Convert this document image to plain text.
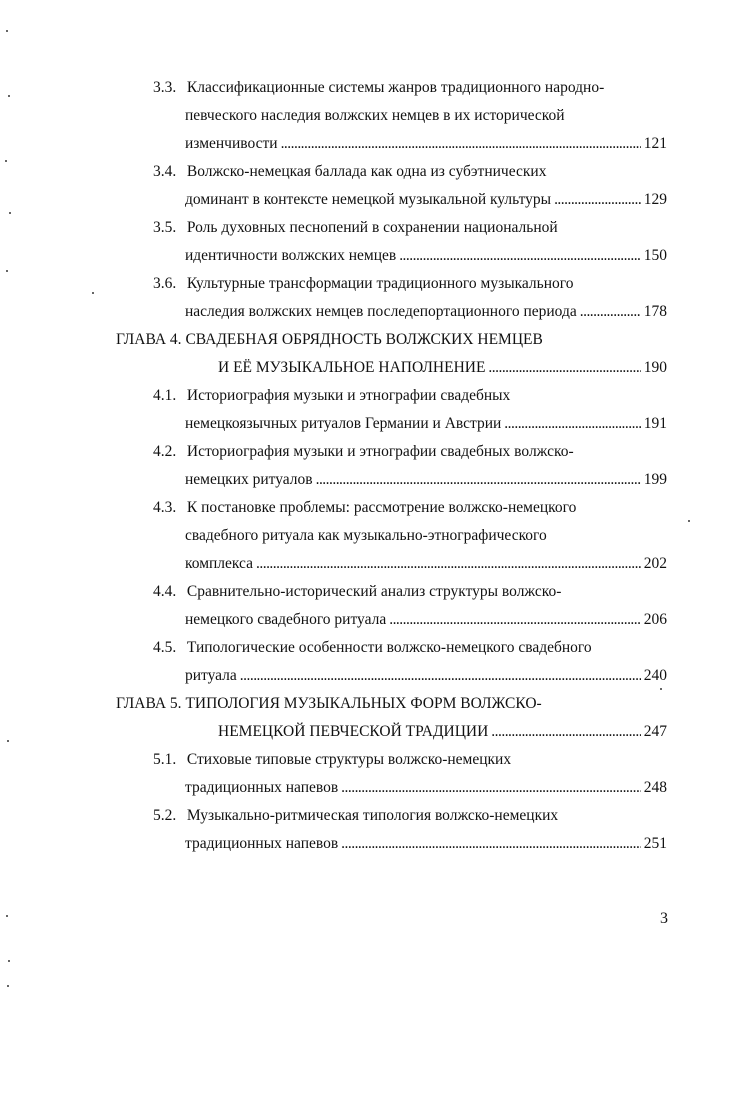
3.3. Классификационные системы жанров традиционного народно-
певческого наследия волжских немцев в их исторической
изменчивости . . .	121
3.4. Волжско-немецкая баллада как одна из субэтнических
доминант в контексте немецкой музыкальной культуры . . .	129
3.5. Роль духовных песнопений в сохранении национальной
идентичности волжских немцев . . .	150
3.6. Культурные трансформации традиционного музыкального
наследия волжских немцев последепортационного периода . . .	178
ГЛАВА 4. СВАДЕБНАЯ ОБРЯДНОСТЬ ВОЛЖСКИХ НЕМЦЕВ
И ЕЁ МУЗЫКАЛЬНОЕ НАПОЛНЕНИЕ . . .	190
4.1. Историография музыки и этнографии свадебных
немецкоязычных ритуалов Германии и Австрии . . .	191
4.2. Историография музыки и этнографии свадебных волжско-
немецких ритуалов . . .	199
4.3. К постановке проблемы: рассмотрение волжско-немецкого
свадебного ритуала как музыкально-этнографического
комплекса . . .	202
4.4. Сравнительно-исторический анализ структуры волжско-
немецкого свадебного ритуала . . .	206
4.5. Типологические особенности волжско-немецкого свадебного
ритуала . . .	240
ГЛАВА 5. ТИПОЛОГИЯ МУЗЫКАЛЬНЫХ ФОРМ ВОЛЖСКО-
НЕМЕЦКОЙ ПЕВЧЕСКОЙ ТРАДИЦИИ . . .	247
5.1. Стиховые типовые структуры волжско-немецких
традиционных напевов . . .	248
5.2. Музыкально-ритмическая типология волжско-немецких
традиционных напевов . . .	251
3
